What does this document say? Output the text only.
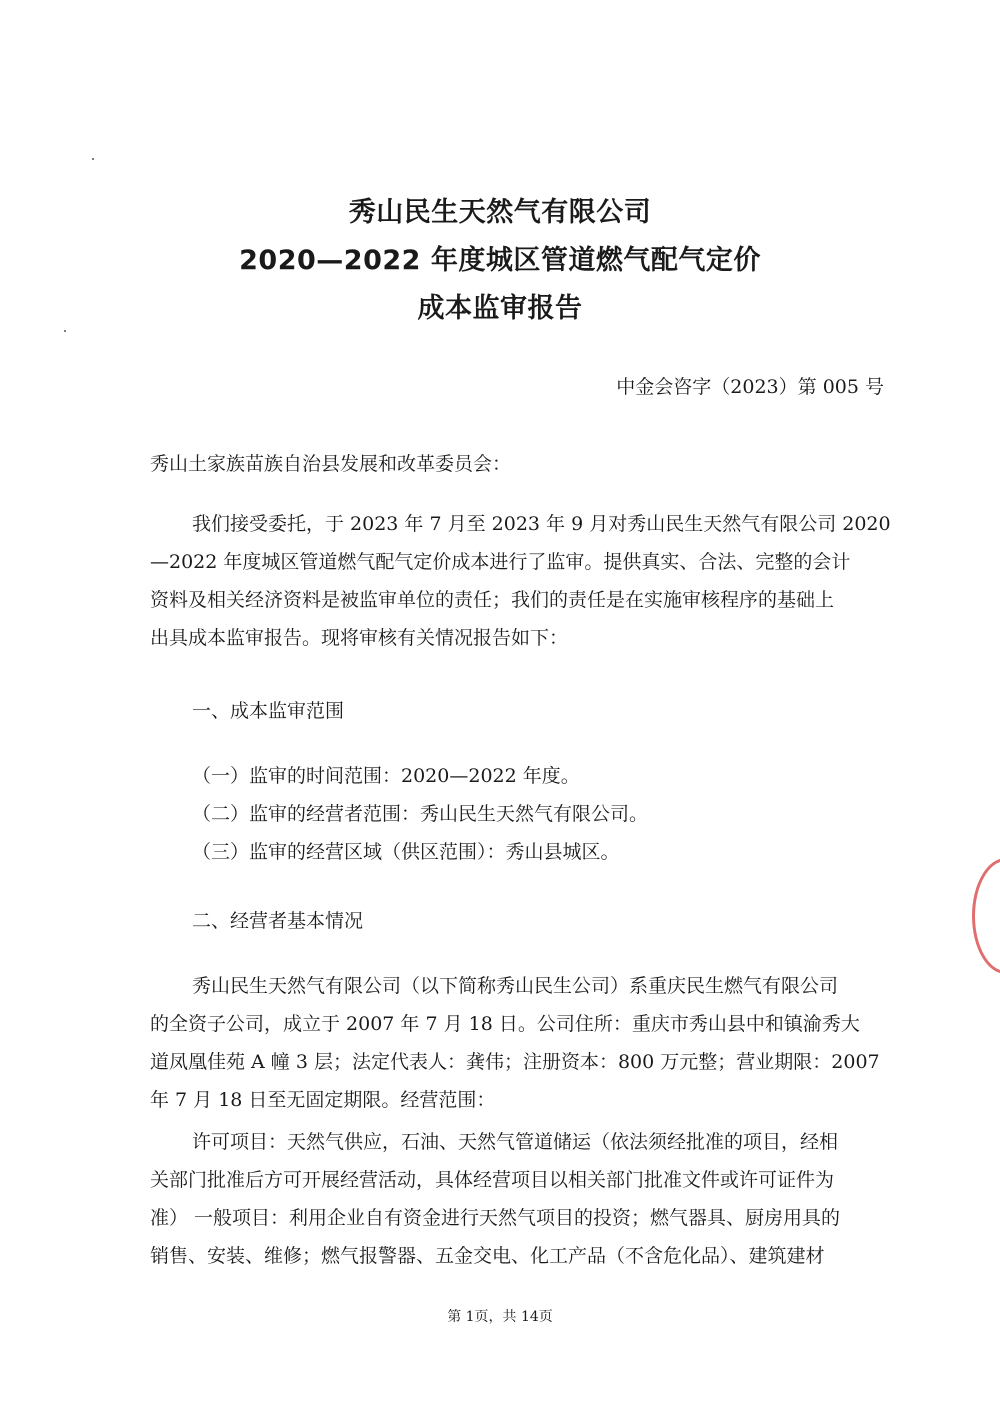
秀山民生天然气有限公司
2020—2022 年度城区管道燃气配气定价
成本监审报告
中金会咨字（2023）第 005 号
秀山土家族苗族自治县发展和改革委员会：
我们接受委托，于 2023 年 7 月至 2023 年 9 月对秀山民生天然气有限公司 2020
—2022 年度城区管道燃气配气定价成本进行了监审。提供真实、合法、完整的会计
资料及相关经济资料是被监审单位的责任；我们的责任是在实施审核程序的基础上
出具成本监审报告。现将审核有关情况报告如下：
一、成本监审范围
（一）监审的时间范围：2020—2022 年度。
（二）监审的经营者范围：秀山民生天然气有限公司。
（三）监审的经营区域（供区范围）：秀山县城区。
二、经营者基本情况
秀山民生天然气有限公司（以下简称秀山民生公司）系重庆民生燃气有限公司
的全资子公司，成立于 2007 年 7 月 18 日。公司住所：重庆市秀山县中和镇渝秀大
道凤凰佳苑 A 幢 3 层；法定代表人：龚伟；注册资本：800 万元整；营业期限：2007
年 7 月 18 日至无固定期限。经营范围：
许可项目：天然气供应，石油、天然气管道储运（依法须经批准的项目，经相
关部门批准后方可开展经营活动，具体经营项目以相关部门批准文件或许可证件为
准） 一般项目：利用企业自有资金进行天然气项目的投资；燃气器具、厨房用具的
销售、安装、维修；燃气报警器、五金交电、化工产品（不含危化品）、建筑建材
第 1页，共 14页
